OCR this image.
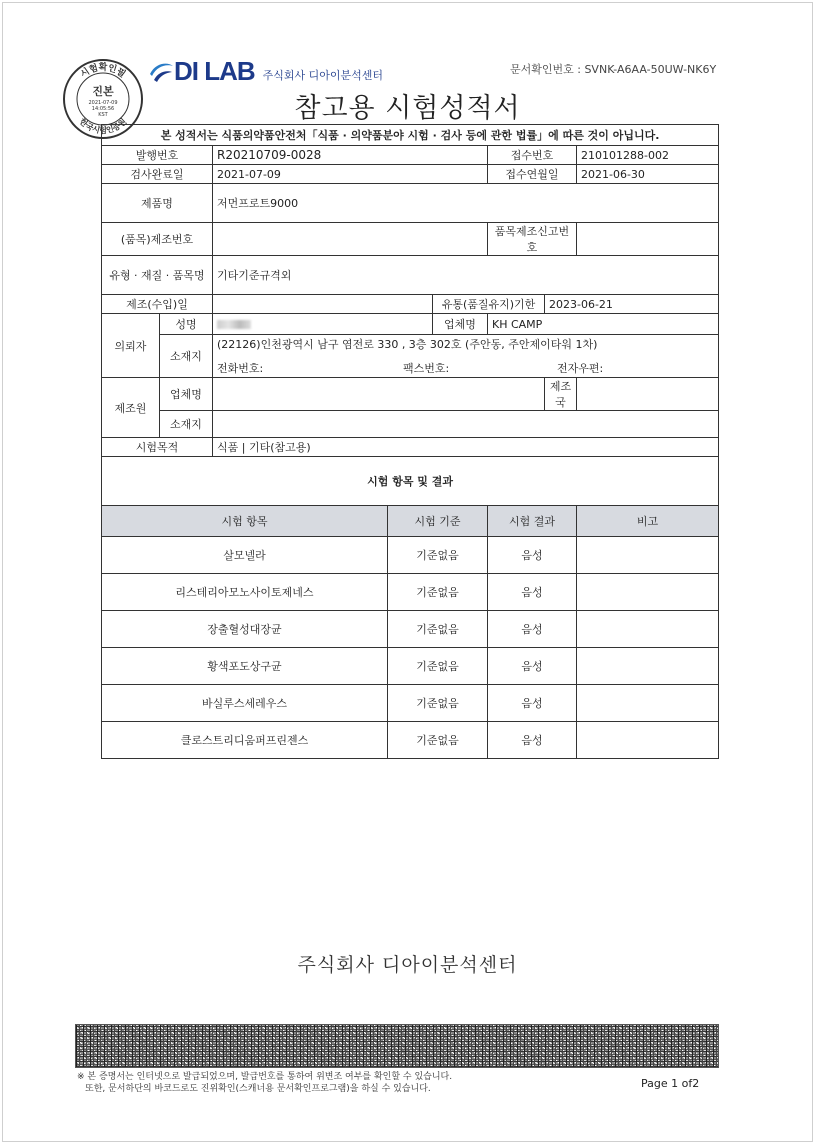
시험확인필
한국시험인증원
진본
2021-07-09
14:05:56
KST
DI LAB 주식회사 디아이분석센터	문서확인번호 : SVNK-A6AA-50UW-NK6Y
참고용 시험성적서
본 성적서는 식품의약품안전처「식품 · 의약품분야 시험 · 검사 등에 관한 법률」에 따른 것이 아닙니다.							
발행번호		R20210709-0028			접수번호		210101288-002
검사완료일		2021-07-09			접수연월일		2021-06-30
제품명		저먼프로트9000					
(품목)제조번호					품목제조신고번호		
유형 · 재질 · 품목명		기타기준규격외					
제조(수입)일				유통(품질유지)기한		2023-06-21	
의뢰자	성명			업체명	KH CAMP		
	소재지	(22126)인천광역시 남구 염전로 330 , 3층 302호 (주안동, 주안제이타워 1차)
전화번호: 팩스번호: 전자우편:					

제조원	업체명					제조국	
	소재지						
시험목적		식품 | 기타(참고용)					
시험 항목 및 결과							
시험 항목			시험 기준		시험 결과		비고
살모넬라			기준없음		음성		
리스테리아모노사이토제네스			기준없음		음성		
장출혈성대장균			기준없음		음성		
황색포도상구균			기준없음		음성		
바실루스세레우스			기준없음		음성		
클로스트리디움퍼프린젠스			기준없음		음성		
주식회사 디아이분석센터
※ 본 증명서는 인터넷으로 발급되었으며, 발급번호를 통하여 위변조 여부를 확인할 수 있습니다.
또한, 문서하단의 바코드로도 진위확인(스캐너용 문서확인프로그램)을 하실 수 있습니다.	Page 1 of2
